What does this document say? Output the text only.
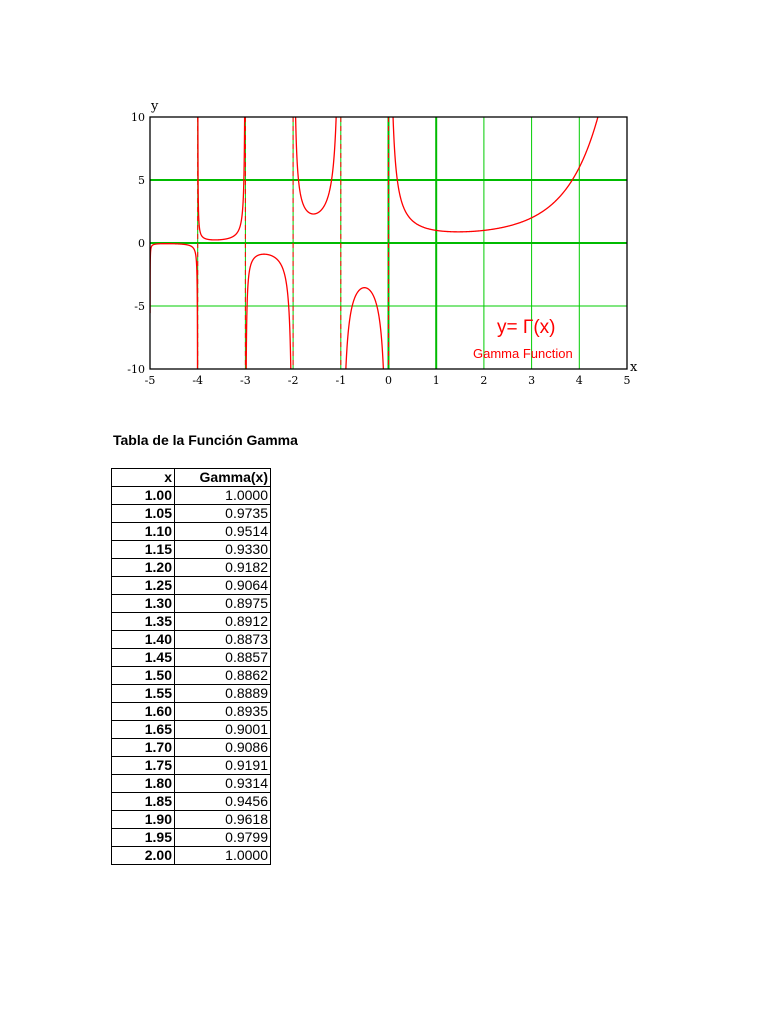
-5	-4	-3	-2	-1	0	1	2	3	4	5
10
5
0
-5
-10
y
x
y= Γ(x)
Gamma Function
Tabla de la Función Gamma
x	Gamma(x)
1.00	1.0000
1.05	0.9735
1.10	0.9514
1.15	0.9330
1.20	0.9182
1.25	0.9064
1.30	0.8975
1.35	0.8912
1.40	0.8873
1.45	0.8857
1.50	0.8862
1.55	0.8889
1.60	0.8935
1.65	0.9001
1.70	0.9086
1.75	0.9191
1.80	0.9314
1.85	0.9456
1.90	0.9618
1.95	0.9799
2.00	1.0000
